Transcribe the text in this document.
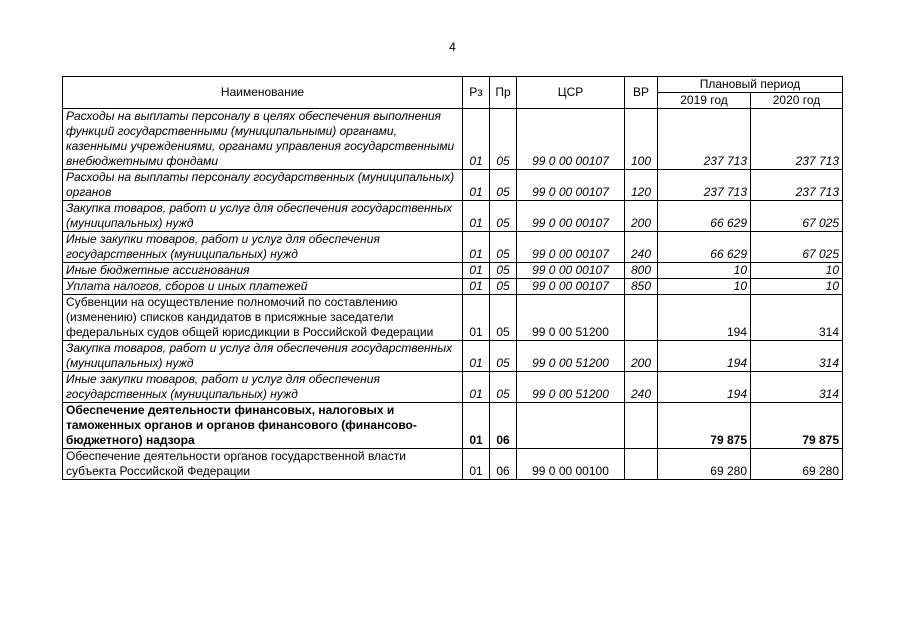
4
Наименование	Рз	Пр	ЦСР	ВР	Плановый период	
					2019 год	2020 год
Расходы на выплаты персоналу в целях обеспечения выполнения функций государственными (муниципальными) органами, казенными учреждениями, органами управления государственными внебюджетными фондами	01	05	99 0 00 00107	100	237 713	237 713
Расходы на выплаты персоналу государственных (муниципальных) органов	01	05	99 0 00 00107	120	237 713	237 713
Закупка товаров, работ и услуг для обеспечения государственных (муниципальных) нужд	01	05	99 0 00 00107	200	66 629	67 025
Иные закупки товаров, работ и услуг для обеспечения государственных (муниципальных) нужд	01	05	99 0 00 00107	240	66 629	67 025
Иные бюджетные ассигнования	01	05	99 0 00 00107	800	10	10
Уплата налогов, сборов и иных платежей	01	05	99 0 00 00107	850	10	10
Субвенции на осуществление полномочий по составлению (изменению) списков кандидатов в присяжные заседатели федеральных судов общей юрисдикции в Российской Федерации	01	05	99 0 00 51200		194	314
Закупка товаров, работ и услуг для обеспечения государственных (муниципальных) нужд	01	05	99 0 00 51200	200	194	314
Иные закупки товаров, работ и услуг для обеспечения государственных (муниципальных) нужд	01	05	99 0 00 51200	240	194	314
Обеспечение деятельности финансовых, налоговых и таможенных органов и органов финансового (финансово-бюджетного) надзора	01	06			79 875	79 875
Обеспечение деятельности органов государственной власти субъекта Российской Федерации	01	06	99 0 00 00100		69 280	69 280
